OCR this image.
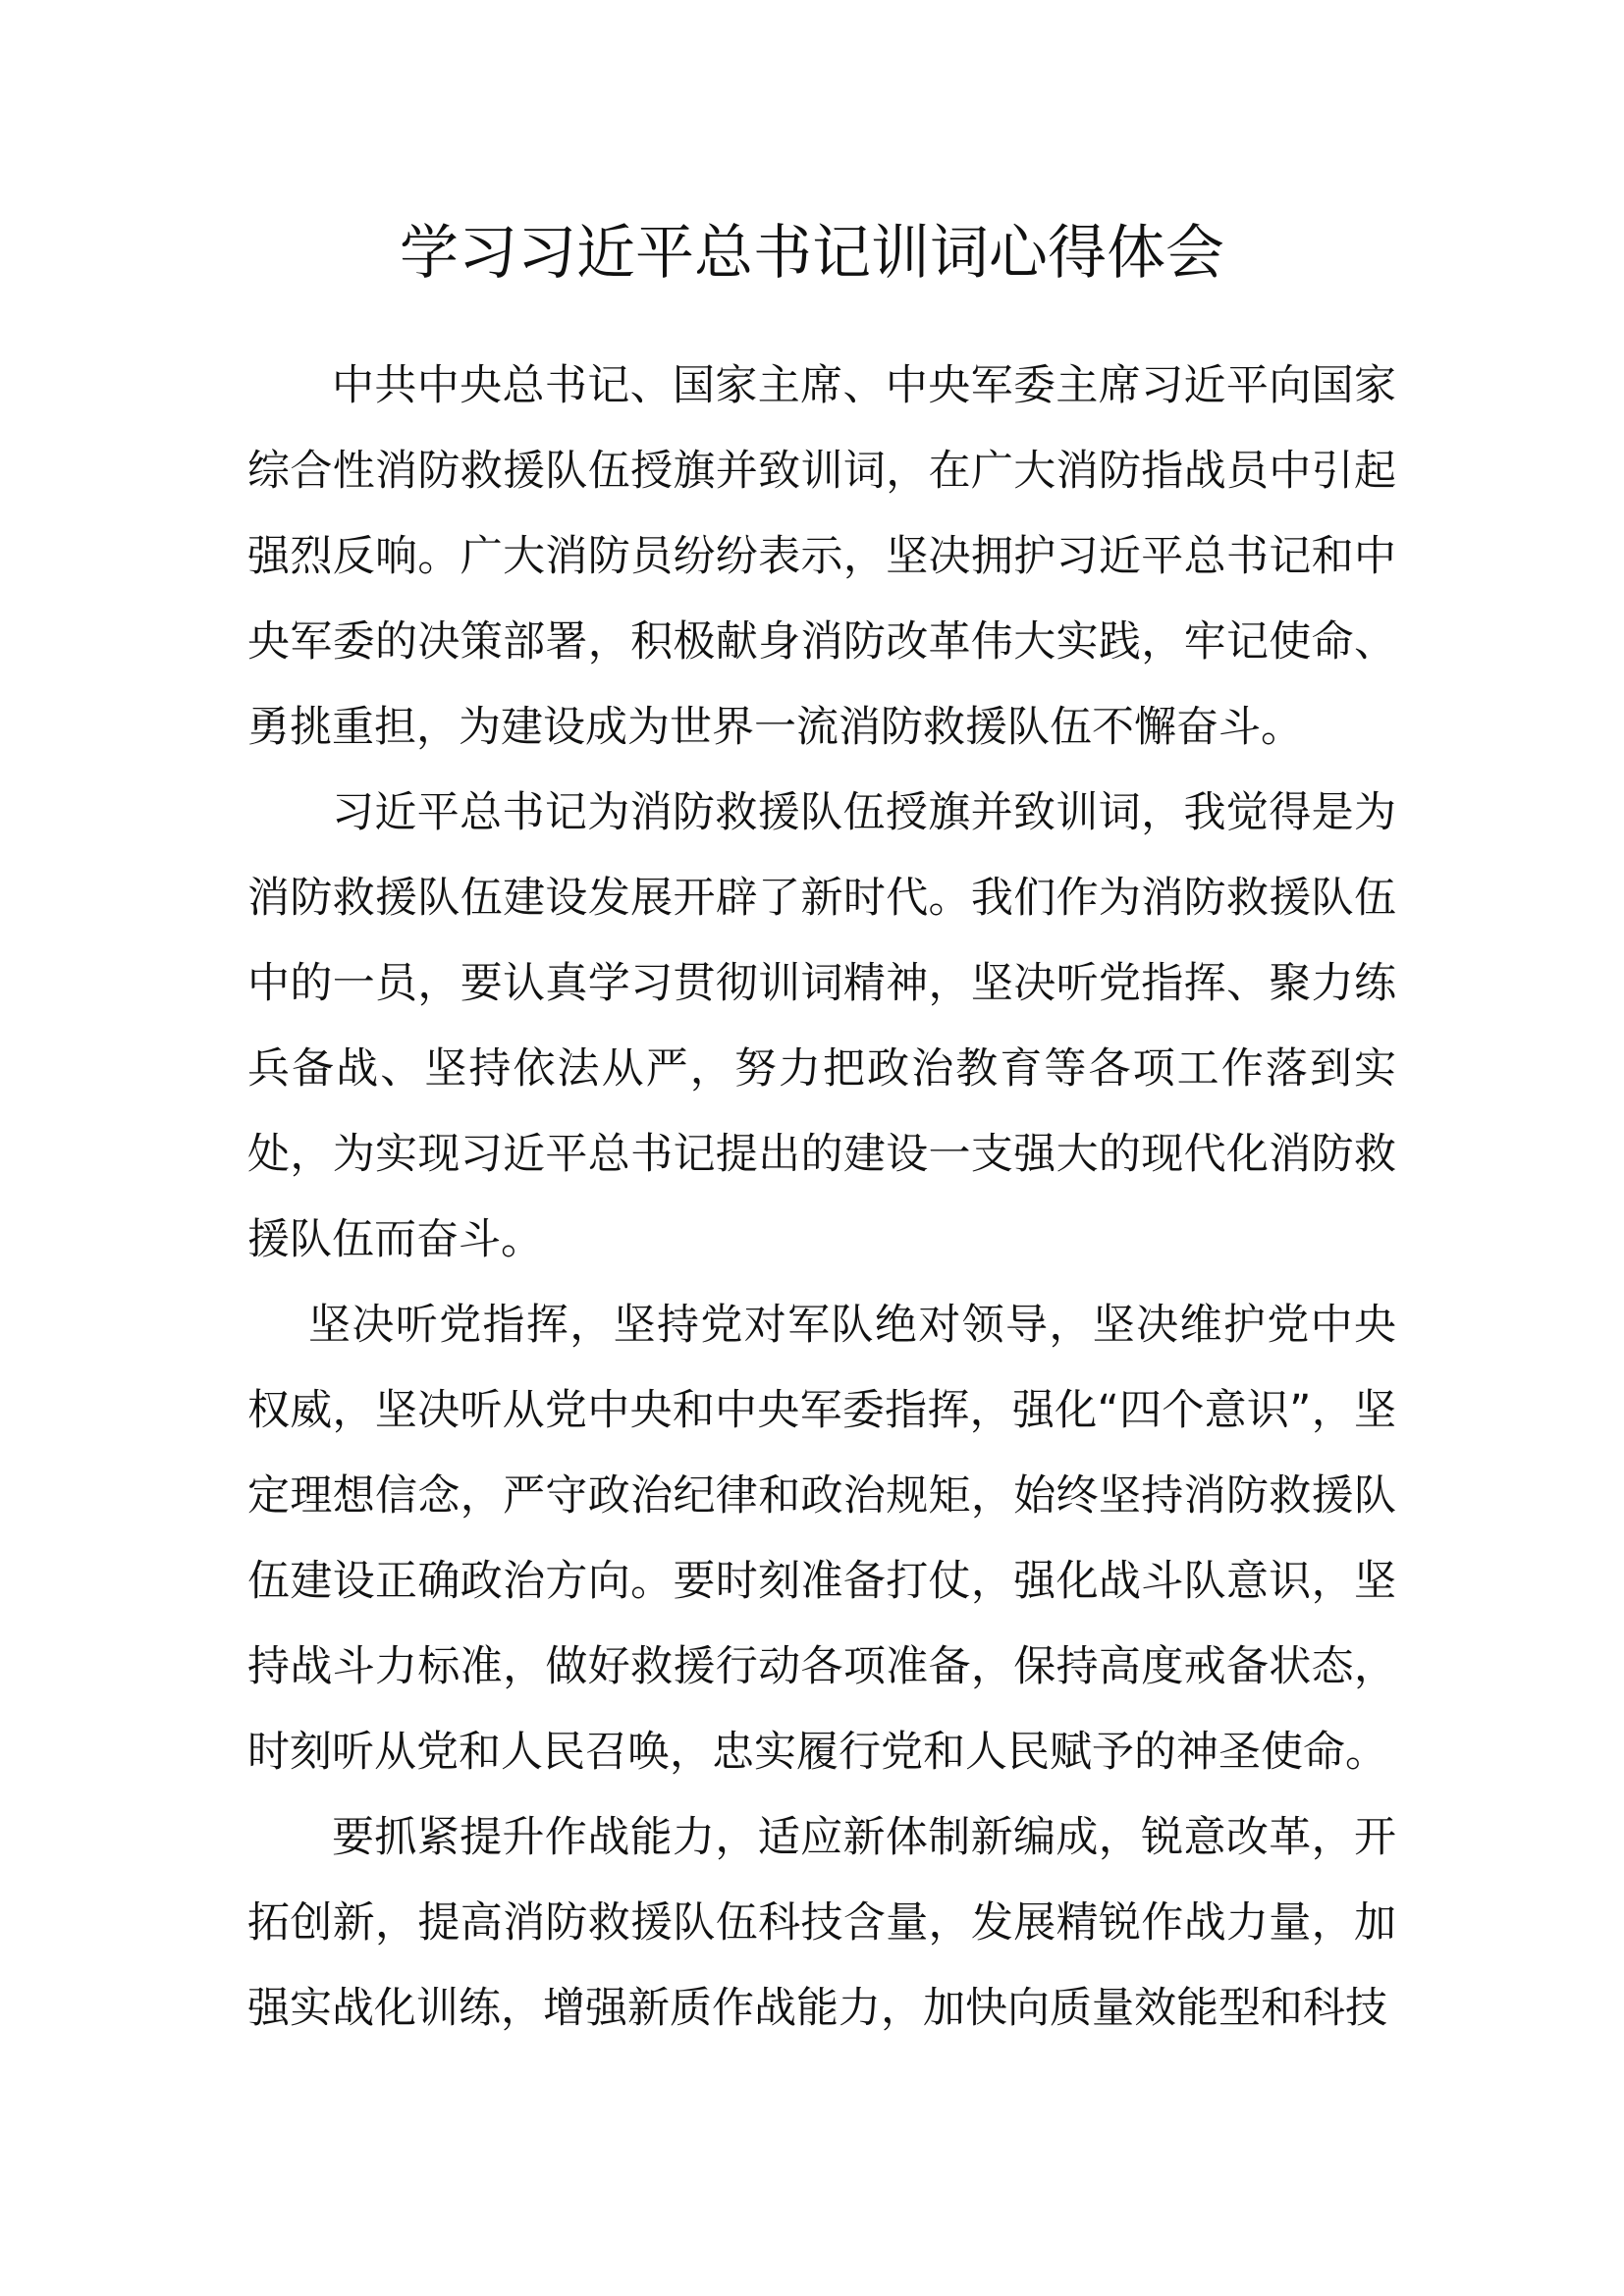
学习习近平总书记训词心得体会

中共中央总书记、国家主席、中央军委主席习近平向国家综合性消防救援队伍授旗并致训词，在广大消防指战员中引起强烈反响。广大消防员纷纷表示，坚决拥护习近平总书记和中央军委的决策部署，积极献身消防改革伟大实践，牢记使命、勇挑重担，为建设成为世界一流消防救援队伍不懈奋斗。

习近平总书记为消防救援队伍授旗并致训词，我觉得是为消防救援队伍建设发展开辟了新时代。我们作为消防救援队伍中的一员，要认真学习贯彻训词精神，坚决听党指挥、聚力练兵备战、坚持依法从严，努力把政治教育等各项工作落到实处，为实现习近平总书记提出的建设一支强大的现代化消防救援队伍而奋斗。

坚决听党指挥，坚持党对军队绝对领导，坚决维护党中央权威，坚决听从党中央和中央军委指挥，强化“四个意识”，坚定理想信念，严守政治纪律和政治规矩，始终坚持消防救援队伍建设正确政治方向。要时刻准备打仗，强化战斗队意识，坚持战斗力标准，做好救援行动各项准备，保持高度戒备状态，时刻听从党和人民召唤，忠实履行党和人民赋予的神圣使命。

要抓紧提升作战能力，适应新体制新编成，锐意改革，开拓创新，提高消防救援队伍科技含量，发展精锐作战力量，加强实战化训练，增强新质作战能力，加快向质量效能型和科技
